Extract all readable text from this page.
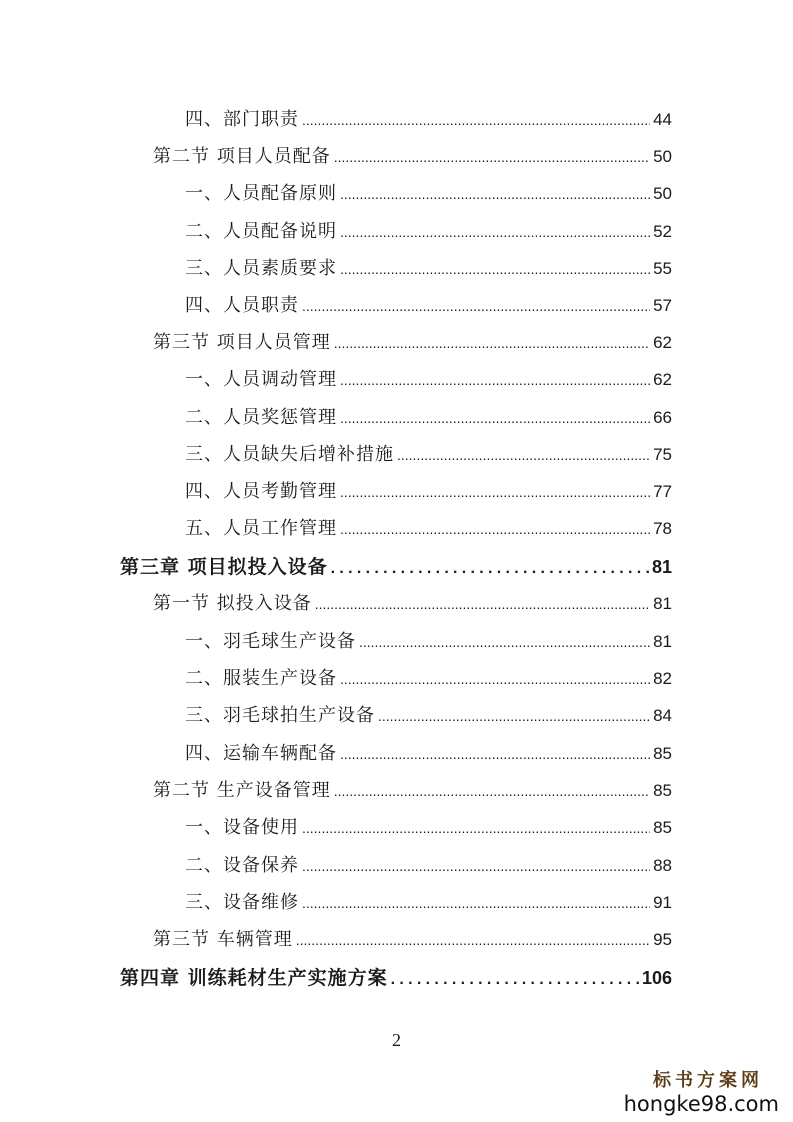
四、部门职责 .....	44
第二节 项目人员配备 .....	50
一、人员配备原则 .....	50
二、人员配备说明 .....	52
三、人员素质要求 .....	55
四、人员职责 .....	57
第三节 项目人员管理 .....	62
一、人员调动管理 .....	62
二、人员奖惩管理 .....	66
三、人员缺失后增补措施 .....	75
四、人员考勤管理 .....	77
五、人员工作管理 .....	78
第三章 项目拟投入设备 .....	81
第一节 拟投入设备 .....	81
一、羽毛球生产设备 .....	81
二、服装生产设备 .....	82
三、羽毛球拍生产设备 .....	84
四、运输车辆配备 .....	85
第二节 生产设备管理 .....	85
一、设备使用 .....	85
二、设备保养 .....	88
三、设备维修 .....	91
第三节 车辆管理 .....	95
第四章 训练耗材生产实施方案 .....	106
2
标书方案网
hongke98.com
